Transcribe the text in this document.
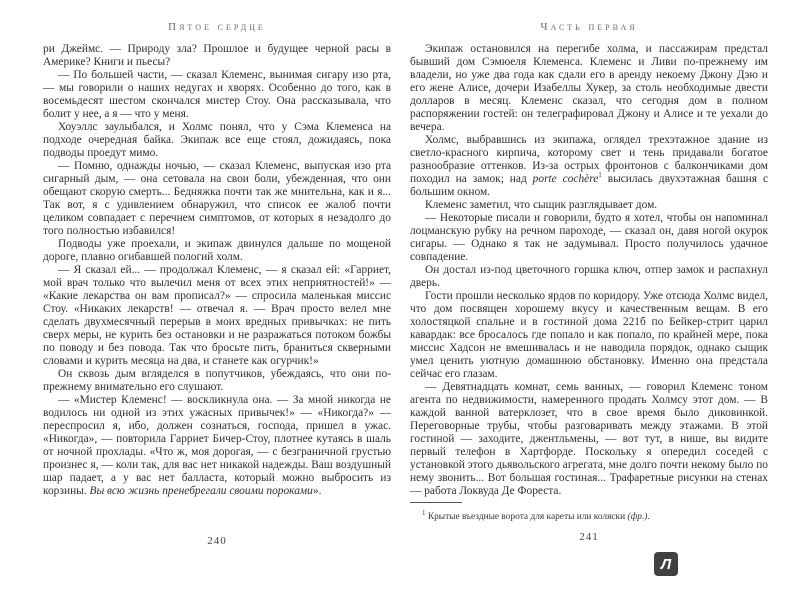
Пятое сердце

ри Джеймс. — Природу зла? Прошлое и будущее черной расы в Америке? Книги и пьесы?

— По большей части, — сказал Клеменс, вынимая сигару изо рта, — мы говорили о наших недугах и хворях. Особенно до того, как в восемьдесят шестом скончался мистер Стоу. Она рассказывала, что болит у нее, а я — что у меня.

Хоуэллс заулыбался, и Холмс понял, что у Сэма Клеменса на подходе очередная байка. Экипаж все еще стоял, дожидаясь, пока подводы проедут мимо.

— Помню, однажды ночью, — сказал Клеменс, выпуская изо рта сигарный дым, — она сетовала на свои боли, убежденная, что они обещают скорую смерть... Бедняжка почти так же мнительна, как и я... Так вот, я с удивлением обнаружил, что список ее жалоб почти целиком совпадает с перечнем симптомов, от которых я незадолго до того полностью избавился!

Подводы уже проехали, и экипаж двинулся дальше по мощеной дороге, плавно огибавшей пологий холм.

— Я сказал ей... — продолжал Клеменс, — я сказал ей: «Гарриет, мой врач только что вылечил меня от всех этих неприятностей!» — «Какие лекарства он вам прописал?» — спросила маленькая миссис Стоу. «Никаких лекарств! — отвечал я. — Врач просто велел мне сделать двухмесячный перерыв в моих вредных привычках: не пить сверх меры, не курить без остановки и не разражаться потоком божбы по поводу и без повода. Так что бросьте пить, браниться скверными словами и курить месяца на два, и станете как огурчик!»

Он сквозь дым вгляделся в попутчиков, убеждаясь, что они по-прежнему внимательно его слушают.

— «Мистер Клеменс! — воскликнула она. — За мной никогда не водилось ни одной из этих ужасных привычек!» — «Никогда?» — переспросил я, ибо, должен сознаться, господа, пришел в ужас. «Никогда», — повторила Гарриет Бичер-Стоу, плотнее кутаясь в шаль от ночной прохлады. «Что ж, моя дорогая, — с безграничной грустью произнес я, — коли так, для вас нет никакой надежды. Ваш воздушный шар падает, а у вас нет балласта, который можно выбросить из корзины. Вы всю жизнь пренебрегали своими пороками».

240
Часть первая

Экипаж остановился на перегибе холма, и пассажирам предстал бывший дом Сэмюеля Клеменса. Клеменс и Ливи по-прежнему им владели, но уже два года как сдали его в аренду некоему Джону Дэю и его жене Алисе, дочери Изабеллы Хукер, за столь необходимые двести долларов в месяц. Клеменс сказал, что сегодня дом в полном распоряжении гостей: он телеграфировал Джону и Алисе и те уехали до вечера.

Холмс, выбравшись из экипажа, оглядел трехэтажное здание из светло-красного кирпича, которому свет и тень придавали богатое разнообразие оттенков. Из-за острых фронтонов с балкончиками дом походил на замок; над porte cochère$^1$ высилась двухэтажная башня с большим окном.

Клеменс заметил, что сыщик разглядывает дом.

— Некоторые писали и говорили, будто я хотел, чтобы он напоминал лоцманскую рубку на речном пароходе, — сказал он, давя ногой окурок сигары. — Однако я так не задумывал. Просто получилось удачное совпадение.

Он достал из-под цветочного горшка ключ, отпер замок и распахнул дверь.

Гости прошли несколько ярдов по коридору. Уже отсюда Холмс видел, что дом посвящен хорошему вкусу и качественным вещам. В его холостяцкой спальне и в гостиной дома 221б по Бейкер-стрит царил кавардак: все бросалось где попало и как попало, по крайней мере, пока миссис Хадсон не вмешивалась и не наводила порядок, однако сыщик умел ценить уютную домашнюю обстановку. Именно она предстала сейчас его глазам.

— Девятнадцать комнат, семь ванных, — говорил Клеменс тоном агента по недвижимости, намеренного продать Холмсу этот дом. — В каждой ванной ватерклозет, что в свое время было диковинкой. Переговорные трубы, чтобы разговаривать между этажами. В этой гостиной — заходите, джентльмены, — вот тут, в нише, вы видите первый телефон в Хартфорде. Поскольку я опередил соседей с установкой этого дьявольского агрегата, мне долго почти некому было по нему звонить... Вот большая гостиная... Трафаретные рисунки на стенах — работа Локвуда Де Фореста.

$^1$ Крытые въездные ворота для кареты или коляски (фр.).

241
Л
